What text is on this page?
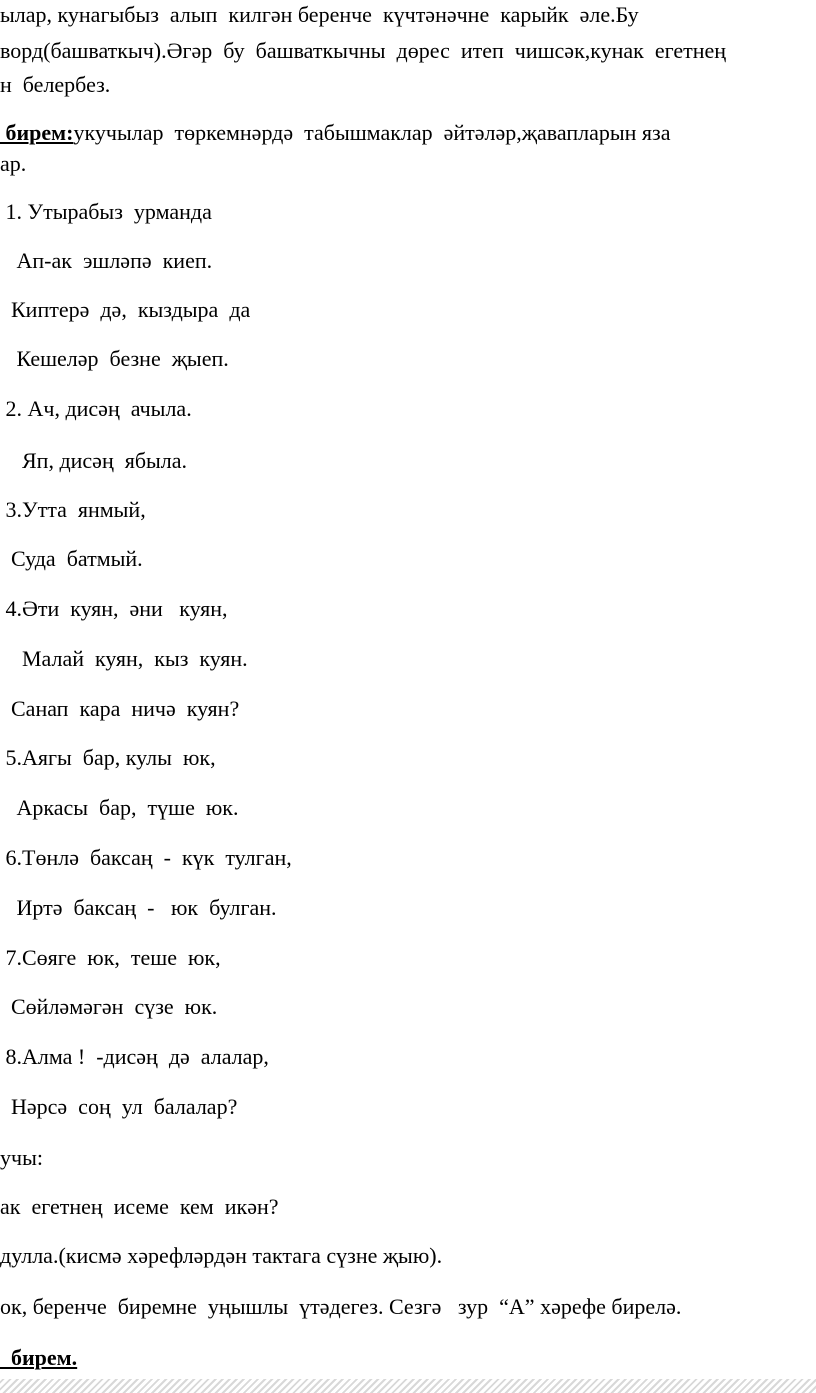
ылар, кунагыбыз  алып  килгән беренче  күчтәнәчне  карыйк  әле.Бу

ворд(башваткыч).Әгәр  бу  башваткычны  дөрес  итеп  чишсәк,кунак  егетнең

н  белербез.

бирем:укучылар  төркемнәрдә  табышмаклар  әйтәләр,җавапларын яза

ар.

1. Утырабыз  урманда

Ап-ак  эшләпә  киеп.

Киптерә  дә,  кыздыра  да

Кешеләр  безне  җыеп.

2. Ач, дисәң  ачыла.

Яп, дисәң  ябыла.

3.Утта  янмый,

Суда  батмый.

4.Әти  куян,  әни   куян,

Малай  куян,  кыз  куян.

Санап  кара  ничә  куян?

5.Аягы  бар, кулы  юк,

Аркасы  бар,  түше  юк.

6.Төнлә  баксаң  -  күк  тулган,

Иртә  баксаң  -   юк  булган.

7.Сөяге  юк,  теше  юк,

Сөйләмәгән  сүзе  юк.

8.Алма !  -дисәң  дә  алалар,

Нәрсә  соң  ул  балалар?

учы:

ак  егетнең  исеме  кем  икән?

дулла.(кисмә хәрефләрдән тактага сүзне җыю).

ок, беренче  биремне  уңышлы  үтәдегез. Сезгә   зур  “А” хәрефе бирелә.

бирем.
